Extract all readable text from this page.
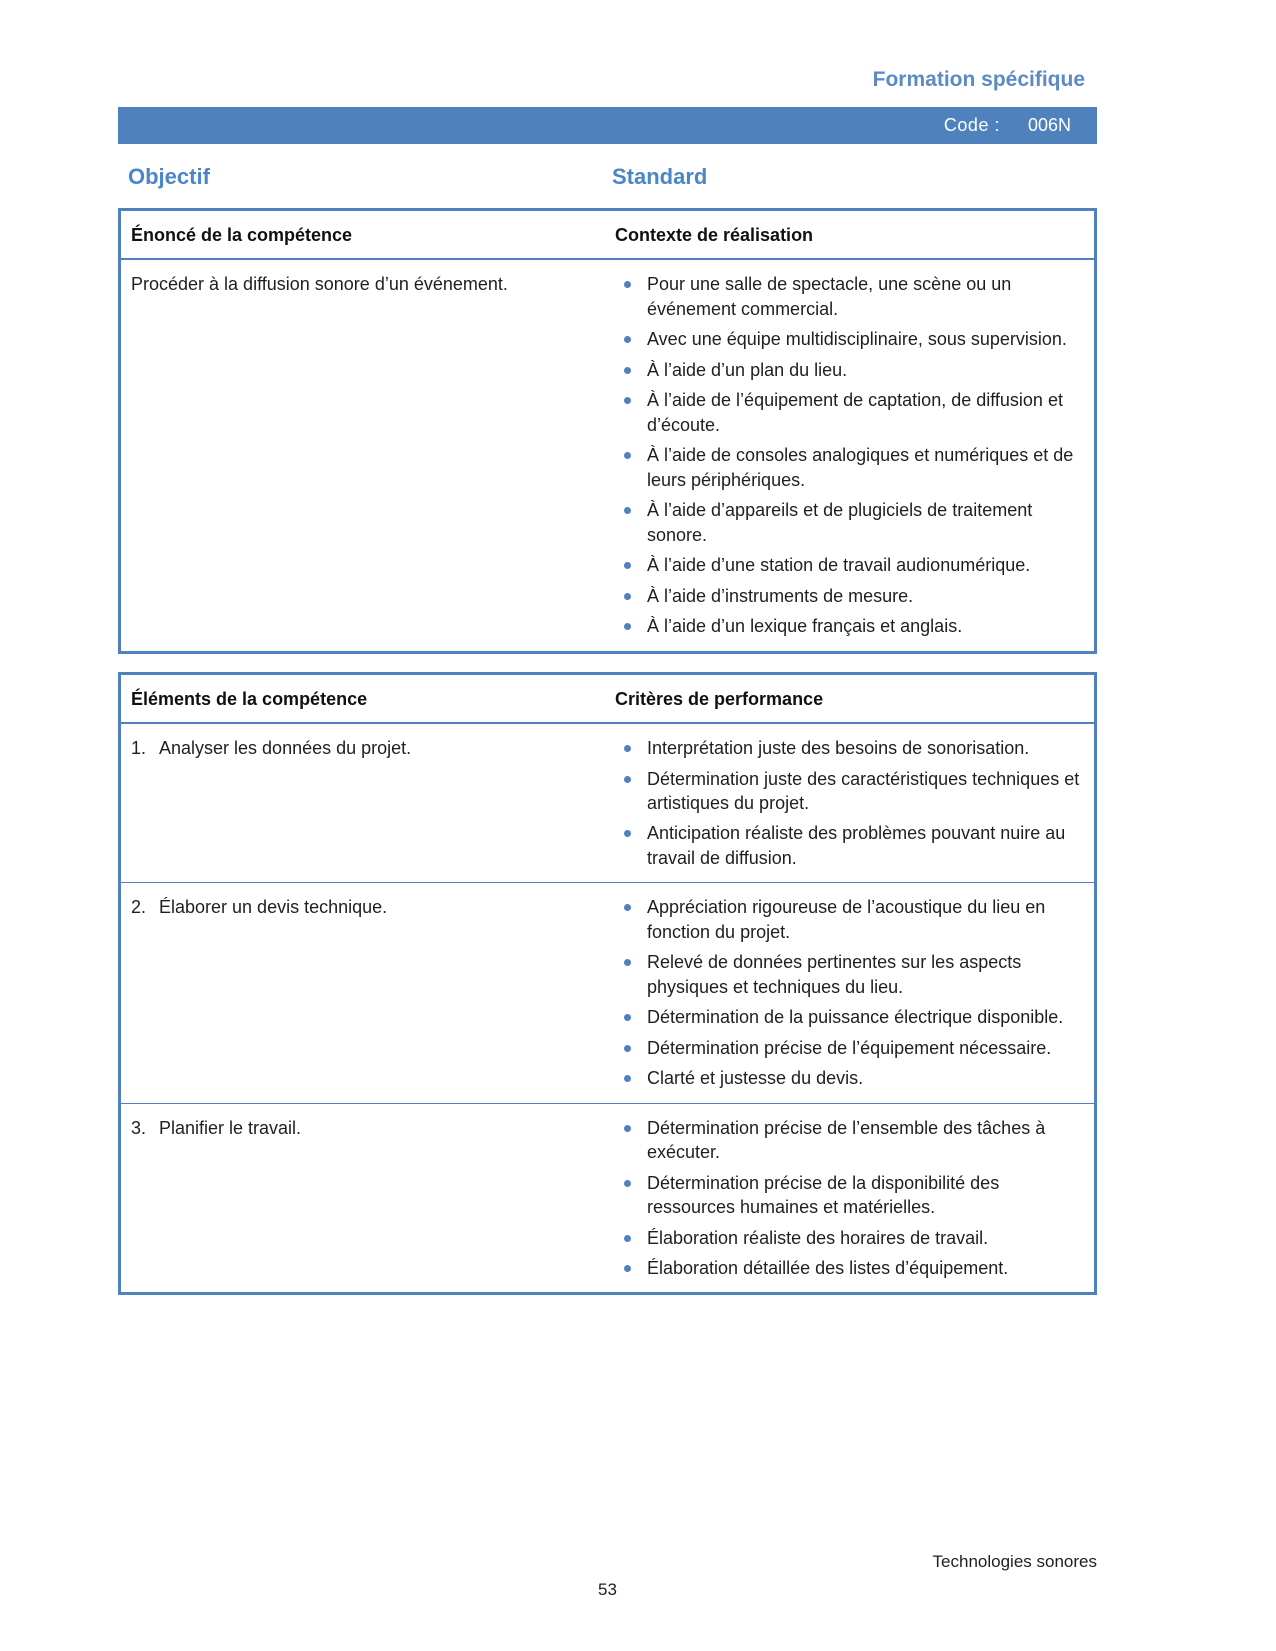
Formation spécifique
Code : 006N
Objectif	Standard
Énoncé de la compétence	Contexte de réalisation
Procéder à la diffusion sonore d’un événement.	Pour une salle de spectacle, une scène ou un événement commercial.
Avec une équipe multidisciplinaire, sous supervision.
À l’aide d’un plan du lieu.
À l’aide de l’équipement de captation, de diffusion et d’écoute.
À l’aide de consoles analogiques et numériques et de leurs périphériques.
À l’aide d’appareils et de plugiciels de traitement sonore.
À l’aide d’une station de travail audionumérique.
À l’aide d’instruments de mesure.
À l’aide d’un lexique français et anglais.
Éléments de la compétence	Critères de performance
1. Analyser les données du projet.	Interprétation juste des besoins de sonorisation.
Détermination juste des caractéristiques techniques et artistiques du projet.
Anticipation réaliste des problèmes pouvant nuire au travail de diffusion.
2. Élaborer un devis technique.	Appréciation rigoureuse de l’acoustique du lieu en fonction du projet.
Relevé de données pertinentes sur les aspects physiques et techniques du lieu.
Détermination de la puissance électrique disponible.
Détermination précise de l’équipement nécessaire.
Clarté et justesse du devis.
3. Planifier le travail.	Détermination précise de l’ensemble des tâches à exécuter.
Détermination précise de la disponibilité des ressources humaines et matérielles.
Élaboration réaliste des horaires de travail.
Élaboration détaillée des listes d’équipement.
Technologies sonores
53
